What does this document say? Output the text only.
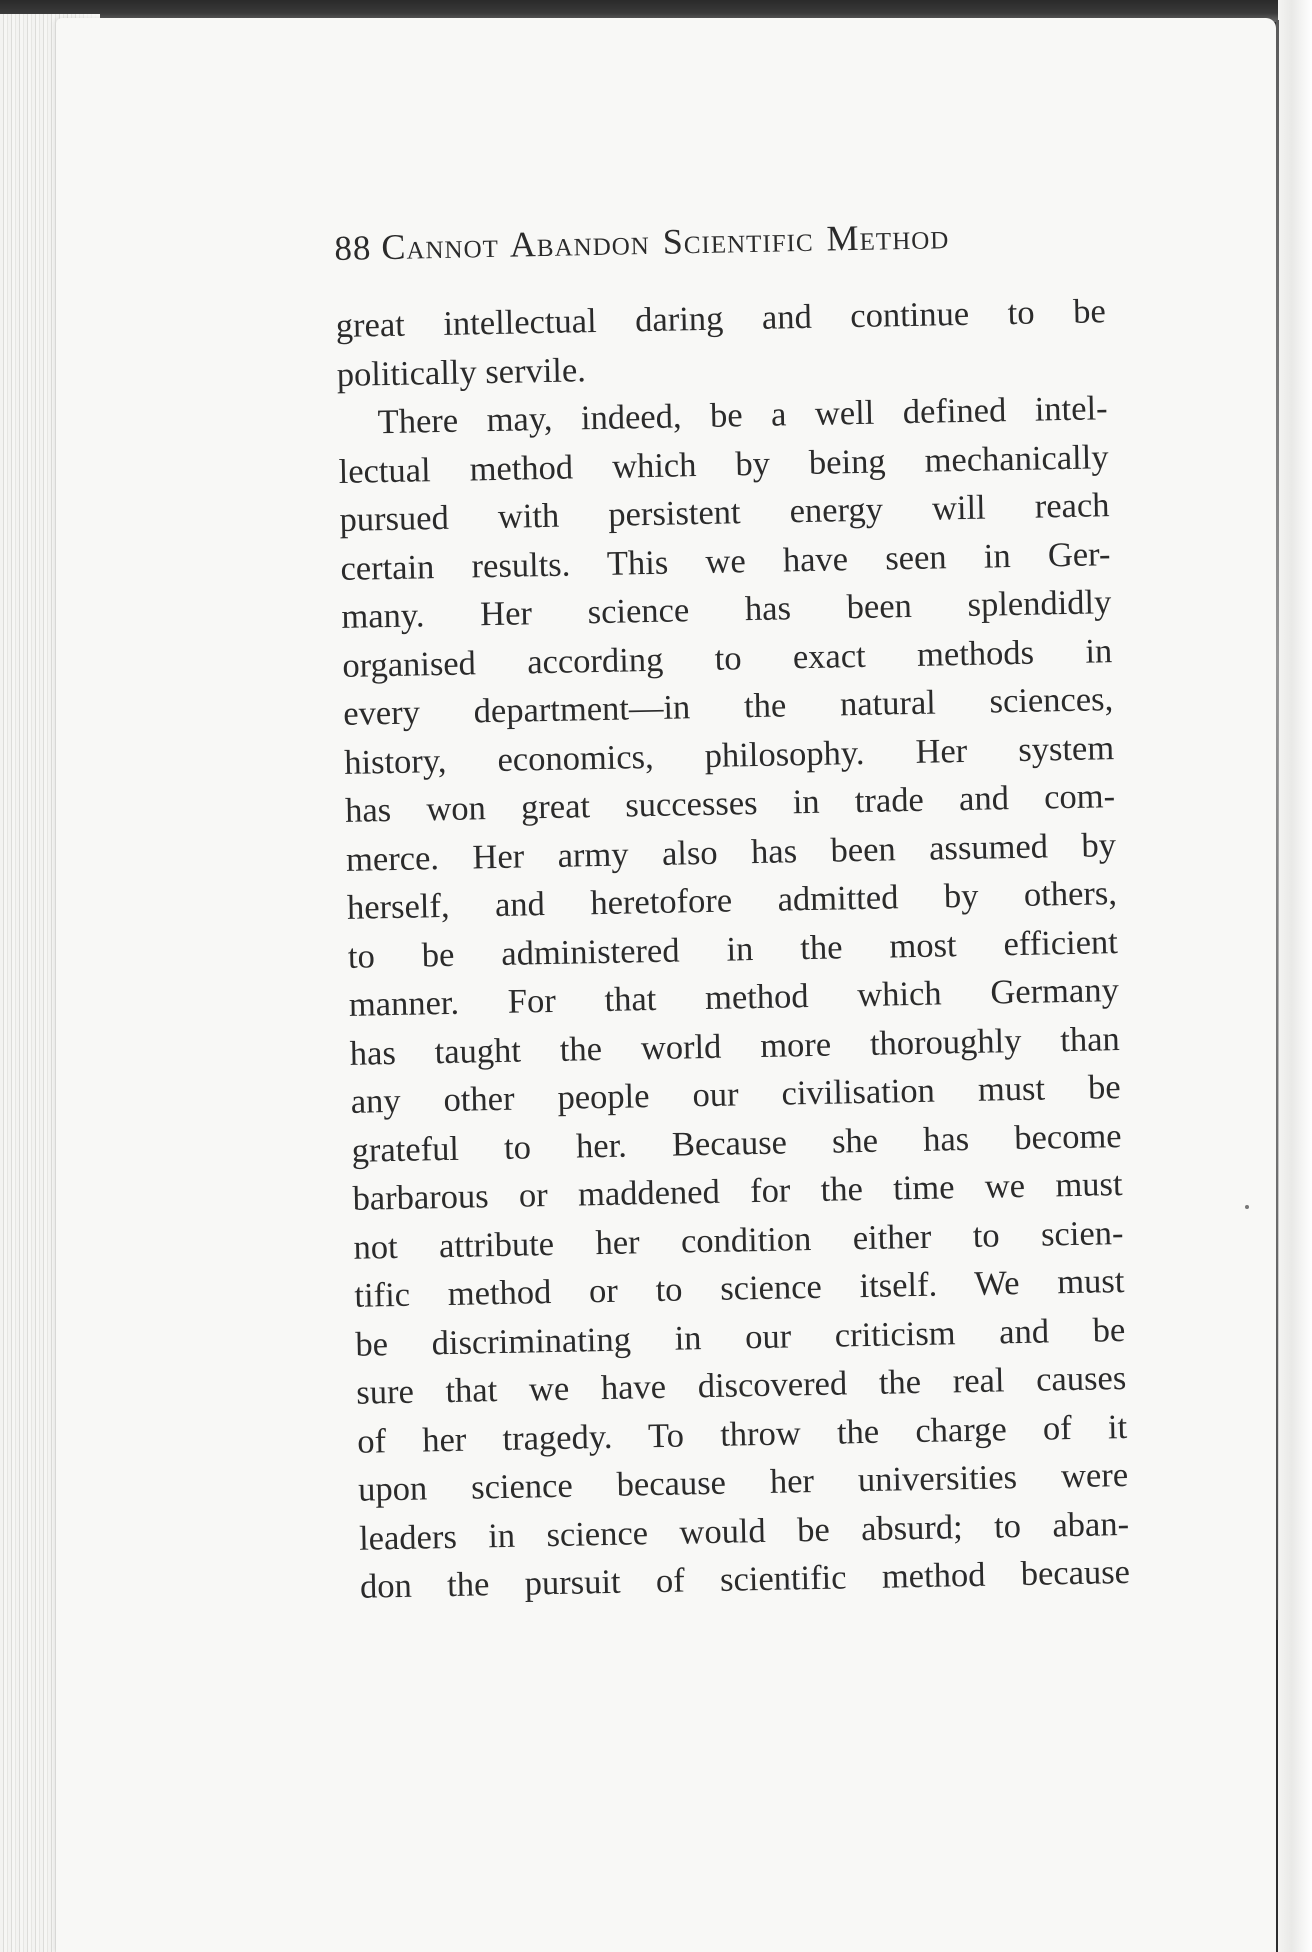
88 Cannot Abandon Scientific Method
great intellectual daring and continue to be
politically servile.
There may, indeed, be a well defined intel-
lectual method which by being mechanically
pursued with persistent energy will reach
certain results. This we have seen in Ger-
many. Her science has been splendidly
organised according to exact methods in
every department—in the natural sciences,
history, economics, philosophy. Her system
has won great successes in trade and com-
merce. Her army also has been assumed by
herself, and heretofore admitted by others,
to be administered in the most efficient
manner. For that method which Germany
has taught the world more thoroughly than
any other people our civilisation must be
grateful to her. Because she has become
barbarous or maddened for the time we must
not attribute her condition either to scien-
tific method or to science itself. We must
be discriminating in our criticism and be
sure that we have discovered the real causes
of her tragedy. To throw the charge of it
upon science because her universities were
leaders in science would be absurd; to aban-
don the pursuit of scientific method because
